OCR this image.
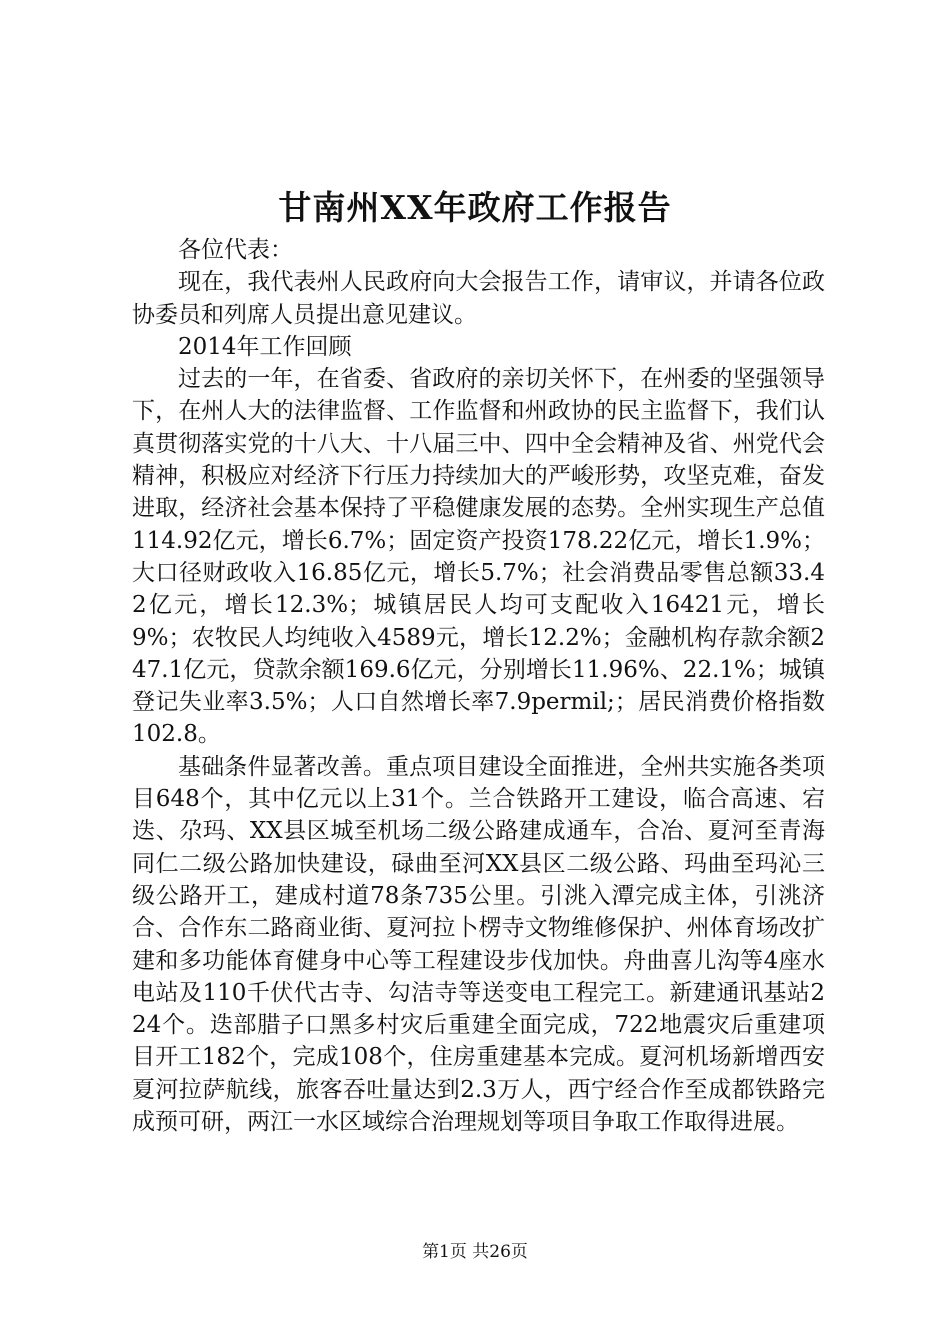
甘南州XX年政府工作报告

各位代表：

现在，我代表州人民政府向大会报告工作，请审议，并请各位政协委员和列席人员提出意见建议。

2014年工作回顾

过去的一年，在省委、省政府的亲切关怀下，在州委的坚强领导下，在州人大的法律监督、工作监督和州政协的民主监督下，我们认真贯彻落实党的十八大、十八届三中、四中全会精神及省、州党代会精神，积极应对经济下行压力持续加大的严峻形势，攻坚克难，奋发进取，经济社会基本保持了平稳健康发展的态势。全州实现生产总值114.92亿元，增长6.7%；固定资产投资178.22亿元，增长1.9%；大口径财政收入16.85亿元，增长5.7%；社会消费品零售总额33.42亿元，增长12.3%；城镇居民人均可支配收入16421元，增长9%；农牧民人均纯收入4589元，增长12.2%；金融机构存款余额247.1亿元，贷款余额169.6亿元，分别增长11.96%、22.1%；城镇登记失业率3.5%；人口自然增长率7.9permil;；居民消费价格指数102.8。

基础条件显著改善。重点项目建设全面推进，全州共实施各类项目648个，其中亿元以上31个。兰合铁路开工建设，临合高速、宕迭、尕玛、XX县区城至机场二级公路建成通车，合冶、夏河至青海同仁二级公路加快建设，碌曲至河XX县区二级公路、玛曲至玛沁三级公路开工，建成村道78条735公里。引洮入潭完成主体，引洮济合、合作东二路商业街、夏河拉卜楞寺文物维修保护、州体育场改扩建和多功能体育健身中心等工程建设步伐加快。舟曲喜儿沟等4座水电站及110千伏代古寺、勾洁寺等送变电工程完工。新建通讯基站224个。迭部腊子口黑多村灾后重建全面完成，722地震灾后重建项目开工182个，完成108个，住房重建基本完成。夏河机场新增西安夏河拉萨航线，旅客吞吐量达到2.3万人，西宁经合作至成都铁路完成预可研，两江一水区域综合治理规划等项目争取工作取得进展。

第1页 共26页
